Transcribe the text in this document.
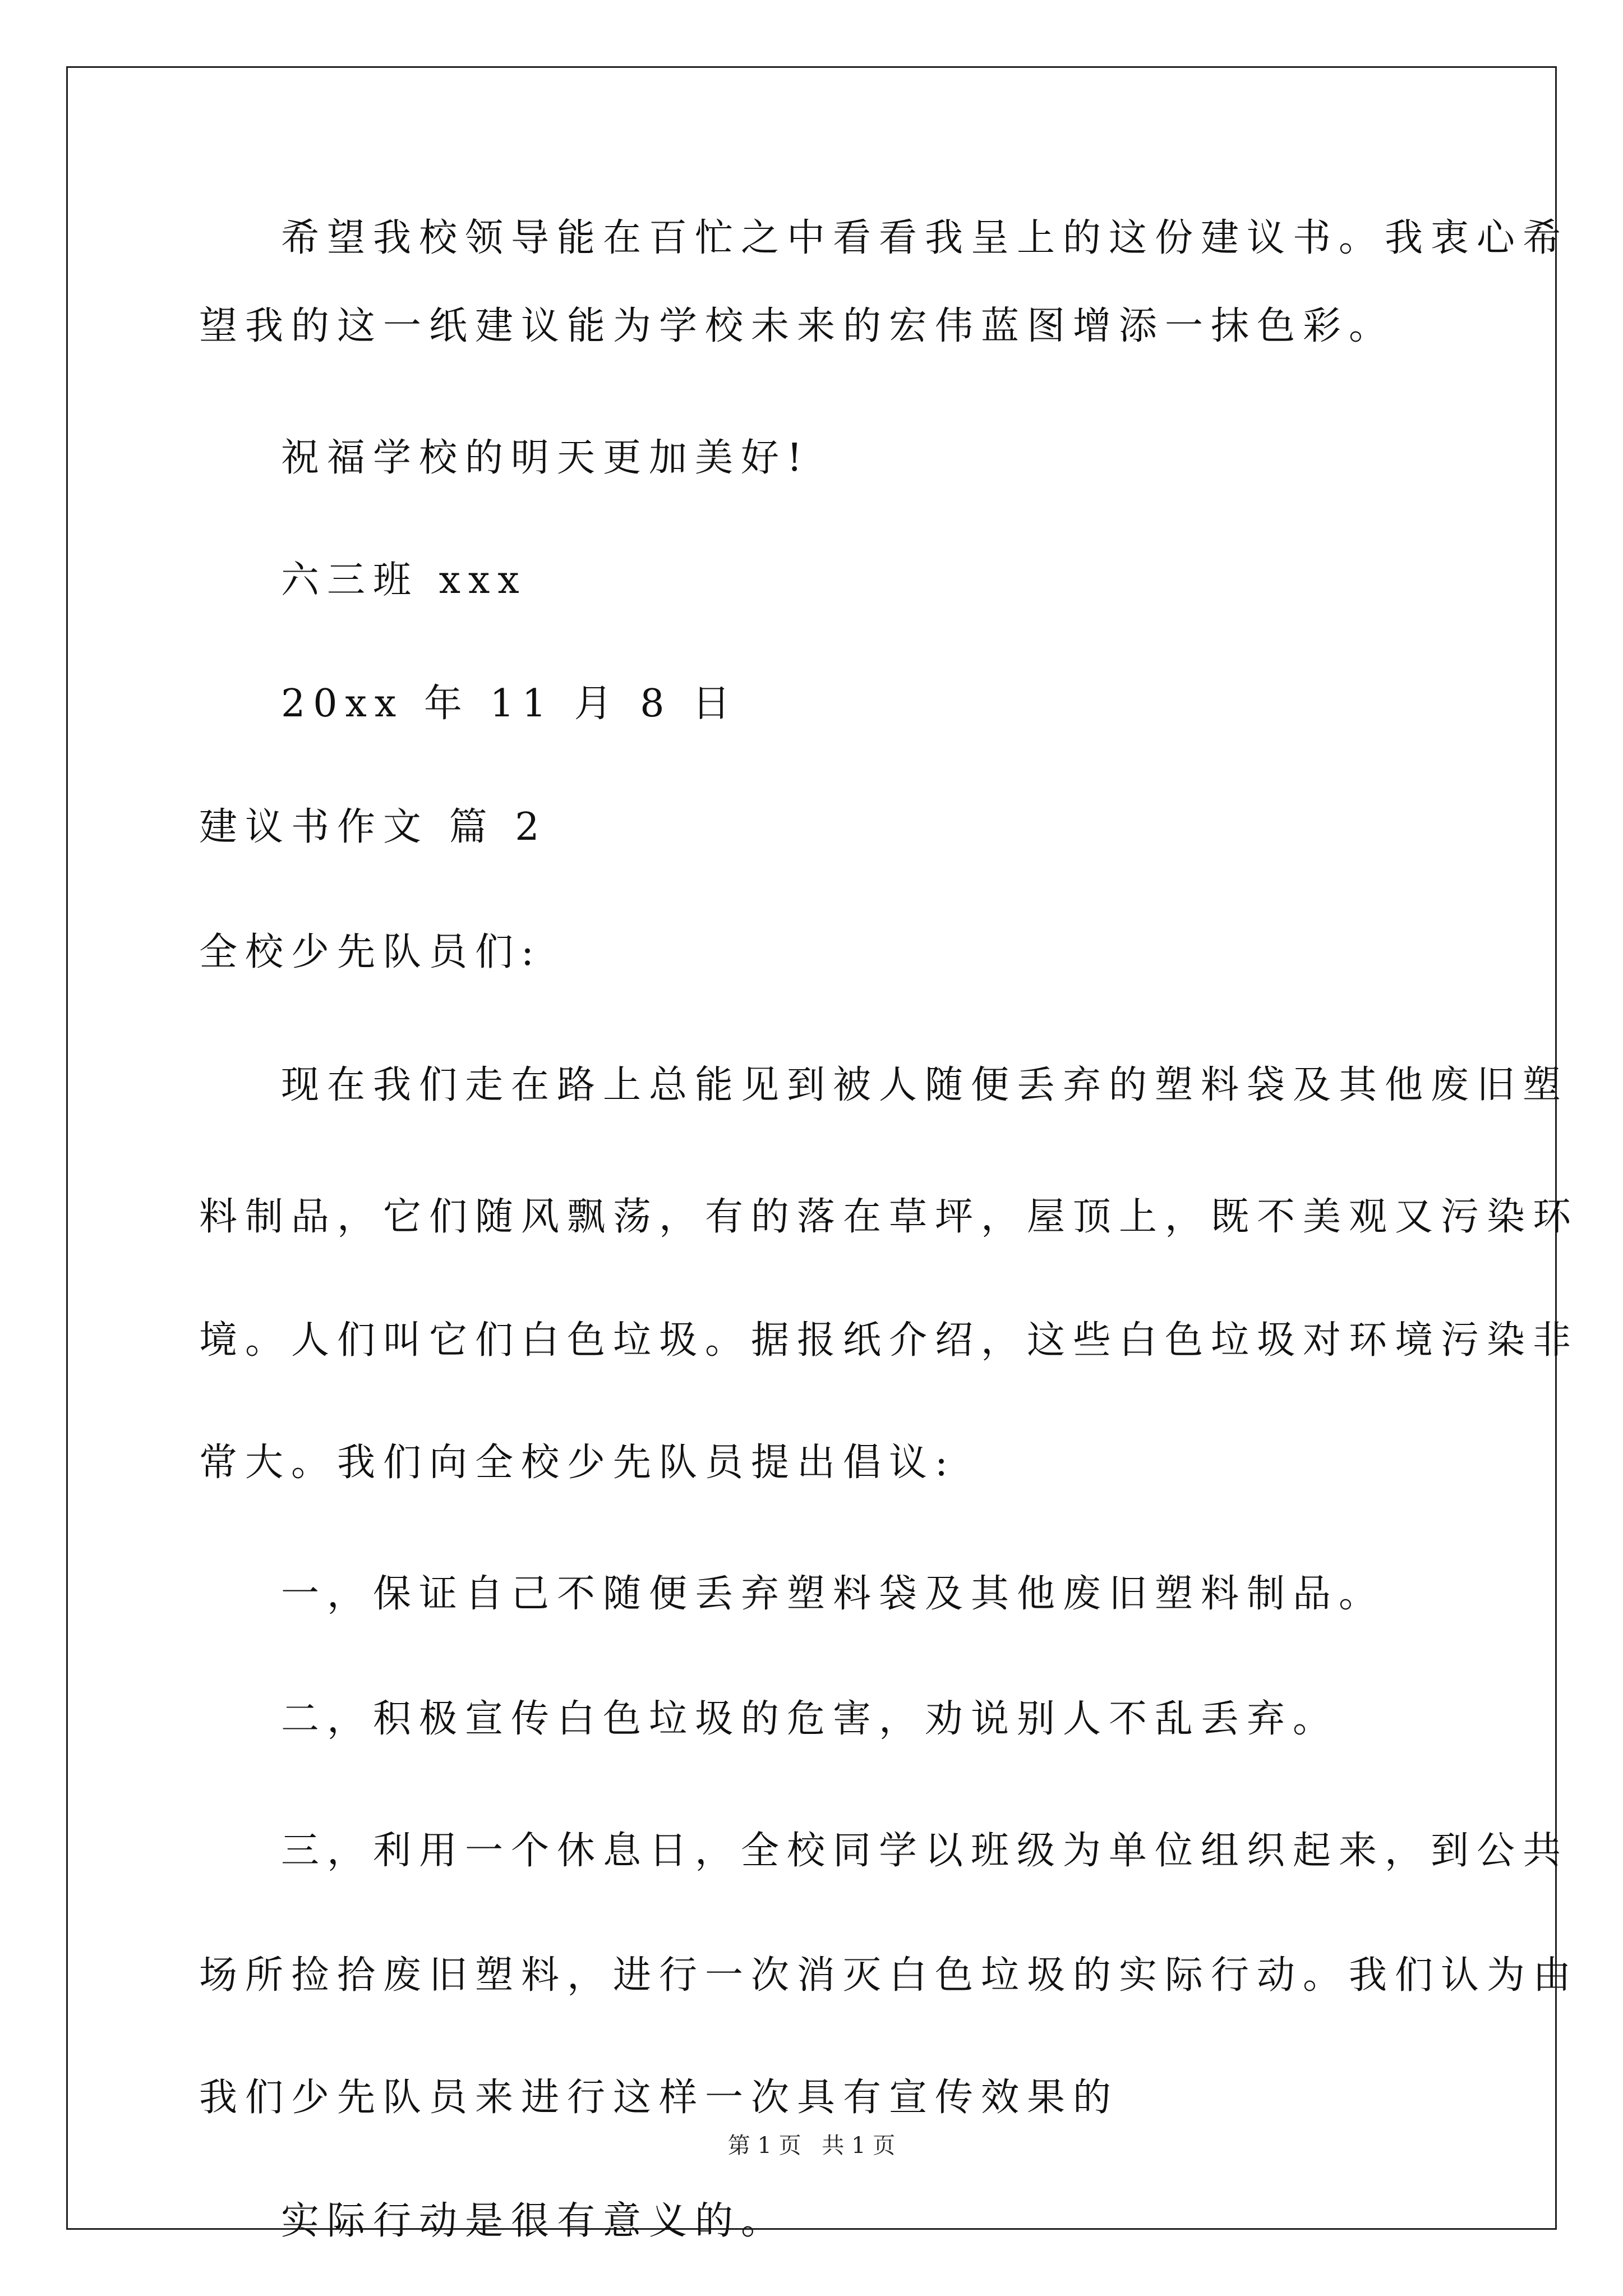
希望我校领导能在百忙之中看看我呈上的这份建议书。我衷心希
望我的这一纸建议能为学校未来的宏伟蓝图增添一抹色彩。
祝福学校的明天更加美好!
六三班 xxx
20xx 年 11 月 8 日
建议书作文 篇 2
全校少先队员们:
现在我们走在路上总能见到被人随便丢弃的塑料袋及其他废旧塑
料制品，它们随风飘荡，有的落在草坪，屋顶上，既不美观又污染环
境。人们叫它们白色垃圾。据报纸介绍，这些白色垃圾对环境污染非
常大。我们向全校少先队员提出倡议:
一，保证自己不随便丢弃塑料袋及其他废旧塑料制品。
二，积极宣传白色垃圾的危害，劝说别人不乱丢弃。
三，利用一个休息日，全校同学以班级为单位组织起来，到公共
场所捡拾废旧塑料，进行一次消灭白色垃圾的实际行动。我们认为由
我们少先队员来进行这样一次具有宣传效果的
实际行动是很有意义的。
第 1 页 共 1 页
